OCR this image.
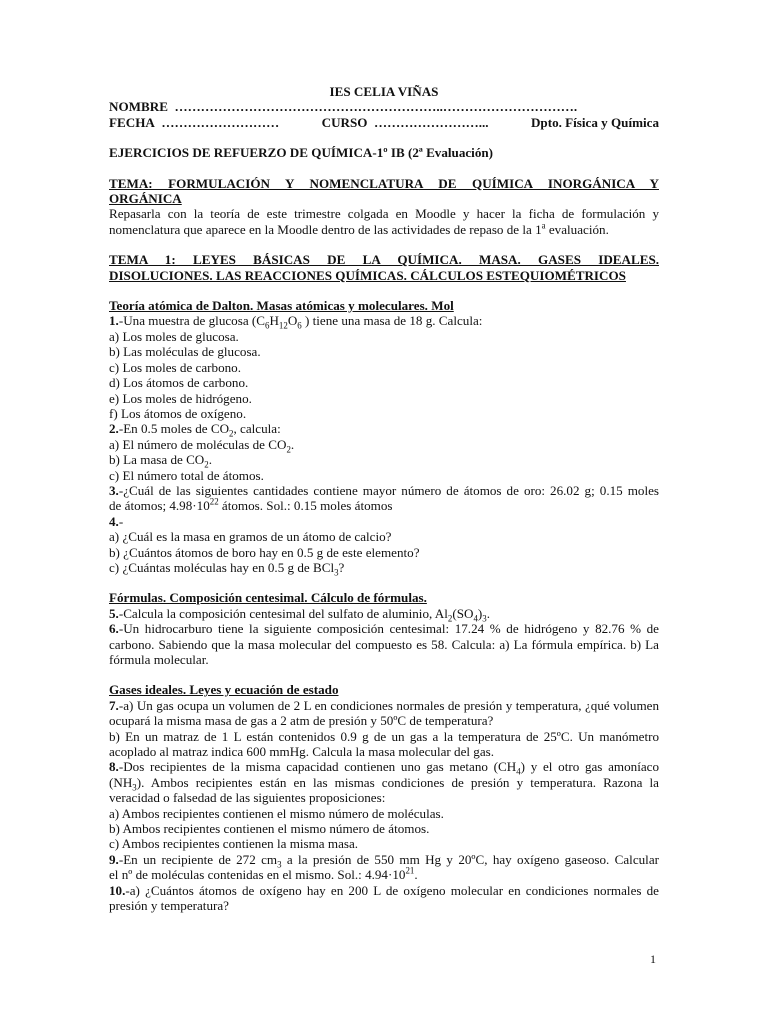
IES CELIA VIÑAS

NOMBRE ……………………………………………………..………………………….

FECHA ………………………	CURSO ……………………...	Dpto. Física y Química

EJERCICIOS DE REFUERZO DE QUÍMICA-1º IB (2ª Evaluación)

TEMA: FORMULACIÓN Y NOMENCLATURA DE QUÍMICA INORGÁNICA Y

ORGÁNICA

Repasarla con la teoría de este trimestre colgada en Moodle y hacer la ficha de formulación y nomenclatura que aparece en la Moodle dentro de las actividades de repaso de la 1$^a$ evaluación.

TEMA 1: LEYES BÁSICAS DE LA QUÍMICA. MASA. GASES IDEALES.

DISOLUCIONES. LAS REACCIONES QUÍMICAS. CÁLCULOS ESTEQUIOMÉTRICOS

Teoría atómica de Dalton. Masas atómicas y moleculares. Mol

1.-Una muestra de glucosa ($C_6H_{12}O_6$ ) tiene una masa de 18 g. Calcula:

a) Los moles de glucosa.

b) Las moléculas de glucosa.

c) Los moles de carbono.

d) Los átomos de carbono.

e) Los moles de hidrógeno.

f) Los átomos de oxígeno.

2.-En 0.5 moles de $CO_2$, calcula:

a) El número de moléculas de $CO_2$.

b) La masa de $CO_2$.

c) El número total de átomos.

3.-¿Cuál de las siguientes cantidades contiene mayor número de átomos de oro: 26.02 g; 0.15 moles

de átomos; $4.98\cdot 10^{22}$ átomos. Sol.: 0.15 moles átomos

4.-

a) ¿Cuál es la masa en gramos de un átomo de calcio?

b) ¿Cuántos átomos de boro hay en 0.5 g de este elemento?

c) ¿Cuántas moléculas hay en 0.5 g de BCl$_3$?

Fórmulas. Composición centesimal. Cálculo de fórmulas.

5.-Calcula la composición centesimal del sulfato de aluminio, $Al_2(SO_4)_3$.

6.-Un hidrocarburo tiene la siguiente composición centesimal: 17.24 % de hidrógeno y 82.76 % de carbono. Sabiendo que la masa molecular del compuesto es 58. Calcula: a) La fórmula empírica. b) La fórmula molecular.

Gases ideales. Leyes y ecuación de estado

7.-a) Un gas ocupa un volumen de 2 L en condiciones normales de presión y temperatura, ¿qué volumen ocupará la misma masa de gas a 2 atm de presión y 50ºC de temperatura?

b) En un matraz de 1 L están contenidos 0.9 g de un gas a la temperatura de 25ºC. Un manómetro acoplado al matraz indica 600 mmHg. Calcula la masa molecular del gas.

8.-Dos recipientes de la misma capacidad contienen uno gas metano $(CH_4)$ y el otro gas amoníaco $(NH_3)$. Ambos recipientes están en las mismas condiciones de presión y temperatura. Razona la veracidad o falsedad de las siguientes proposiciones:

a) Ambos recipientes contienen el mismo número de moléculas.

b) Ambos recipientes contienen el mismo número de átomos.

c) Ambos recipientes contienen la misma masa.

9.-En un recipiente de 272 $cm_3$ a la presión de 550 mm Hg y 20ºC, hay oxígeno gaseoso. Calcular

el nº de moléculas contenidas en el mismo. Sol.: $4.94\cdot 10^{21}$.

10.-a) ¿Cuántos átomos de oxígeno hay en 200 L de oxígeno molecular en condiciones normales de presión y temperatura?

1
